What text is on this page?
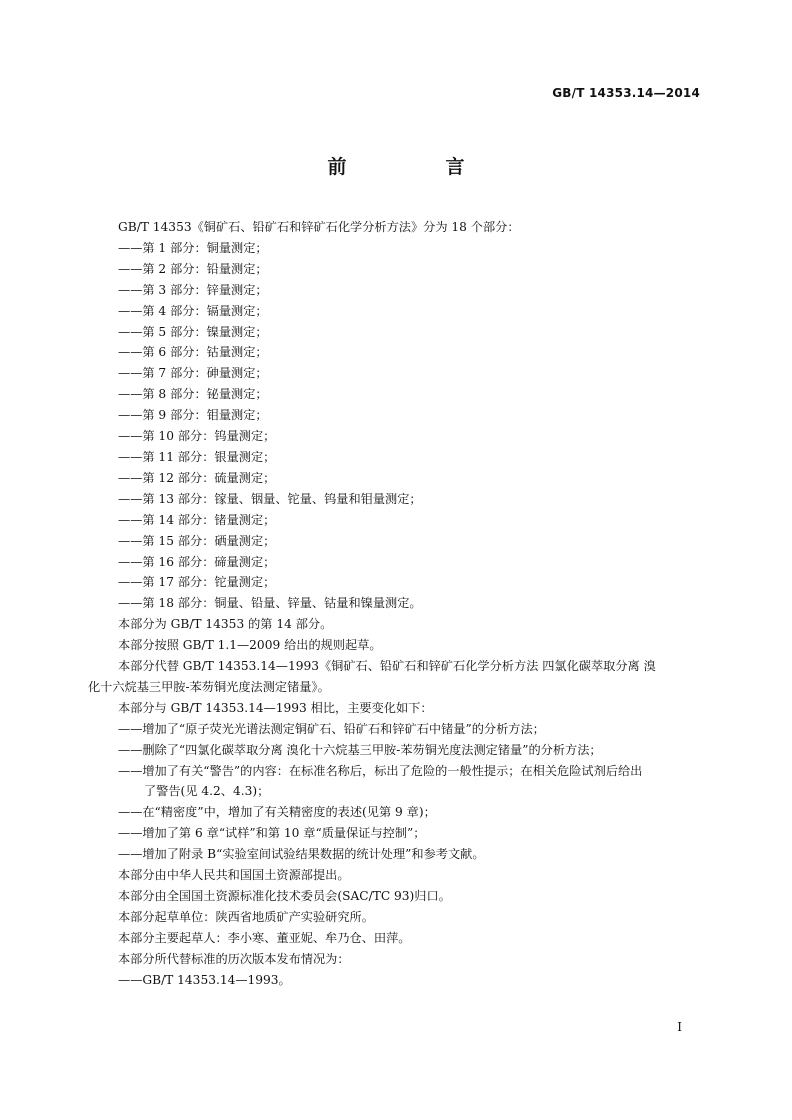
GB/T 14353.14—2014
前　言

GB/T 14353《铜矿石、铅矿石和锌矿石化学分析方法》分为 18 个部分：

——第 1 部分：铜量测定；

——第 2 部分：铅量测定；

——第 3 部分：锌量测定；

——第 4 部分：镉量测定；

——第 5 部分：镍量测定；

——第 6 部分：钴量测定；

——第 7 部分：砷量测定；

——第 8 部分：铋量测定；

——第 9 部分：钼量测定；

——第 10 部分：钨量测定；

——第 11 部分：银量测定；

——第 12 部分：硫量测定；

——第 13 部分：镓量、铟量、铊量、钨量和钼量测定；

——第 14 部分：锗量测定；

——第 15 部分：硒量测定；

——第 16 部分：碲量测定；

——第 17 部分：铊量测定；

——第 18 部分：铜量、铅量、锌量、钴量和镍量测定。

本部分为 GB/T 14353 的第 14 部分。

本部分按照 GB/T 1.1—2009 给出的规则起草。

本部分代替 GB/T 14353.14—1993《铜矿石、铅矿石和锌矿石化学分析方法 四氯化碳萃取分离 溴

化十六烷基三甲胺-苯芴铜光度法测定锗量》。

本部分与 GB/T 14353.14—1993 相比，主要变化如下：

——增加了“原子荧光光谱法测定铜矿石、铅矿石和锌矿石中锗量”的分析方法；

——删除了“四氯化碳萃取分离 溴化十六烷基三甲胺-苯芴铜光度法测定锗量”的分析方法；

——增加了有关“警告”的内容：在标准名称后，标出了危险的一般性提示；在相关危险试剂后给出

了警告(见 4.2、4.3)；

——在“精密度”中，增加了有关精密度的表述(见第 9 章)；

——增加了第 6 章“试样”和第 10 章“质量保证与控制”；

——增加了附录 B“实验室间试验结果数据的统计处理”和参考文献。

本部分由中华人民共和国国土资源部提出。

本部分由全国国土资源标准化技术委员会(SAC/TC 93)归口。

本部分起草单位：陕西省地质矿产实验研究所。

本部分主要起草人：李小寒、董亚妮、牟乃仓、田萍。

本部分所代替标准的历次版本发布情况为：

——GB/T 14353.14—1993。

I
